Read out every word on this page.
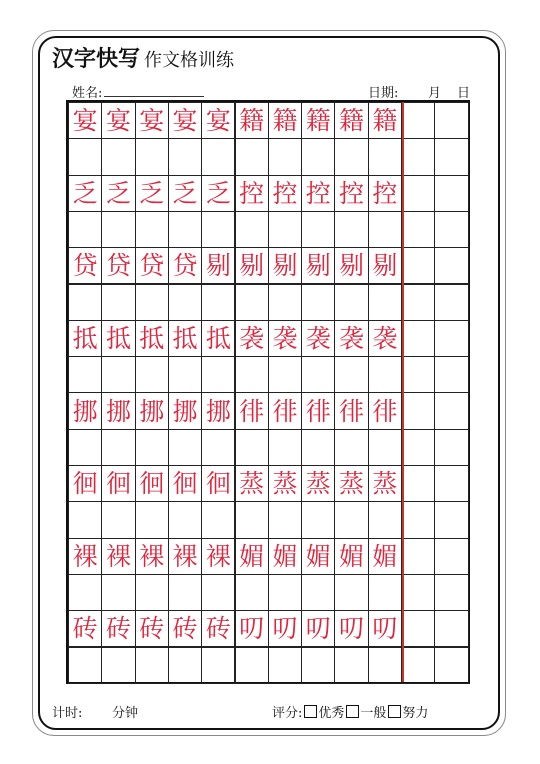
汉字快写 作文格训练
姓名:	日期: 月 日
宴 宴 宴 宴 宴 籍 籍 籍 籍 籍
乏 乏 乏 乏 乏 控 控 控 控 控
贷 贷 贷 贷 剔 剔 剔 剔 剔 剔
抵 抵 抵 抵 抵 袭 袭 袭 袭 袭
挪 挪 挪 挪 挪 徘 徘 徘 徘 徘
徊 徊 徊 徊 徊 蒸 蒸 蒸 蒸 蒸
裸 裸 裸 裸 裸 媚 媚 媚 媚 媚
砖 砖 砖 砖 砖 叨 叨 叨 叨 叨
计时: 分钟	评分: 优秀 一般 努力
